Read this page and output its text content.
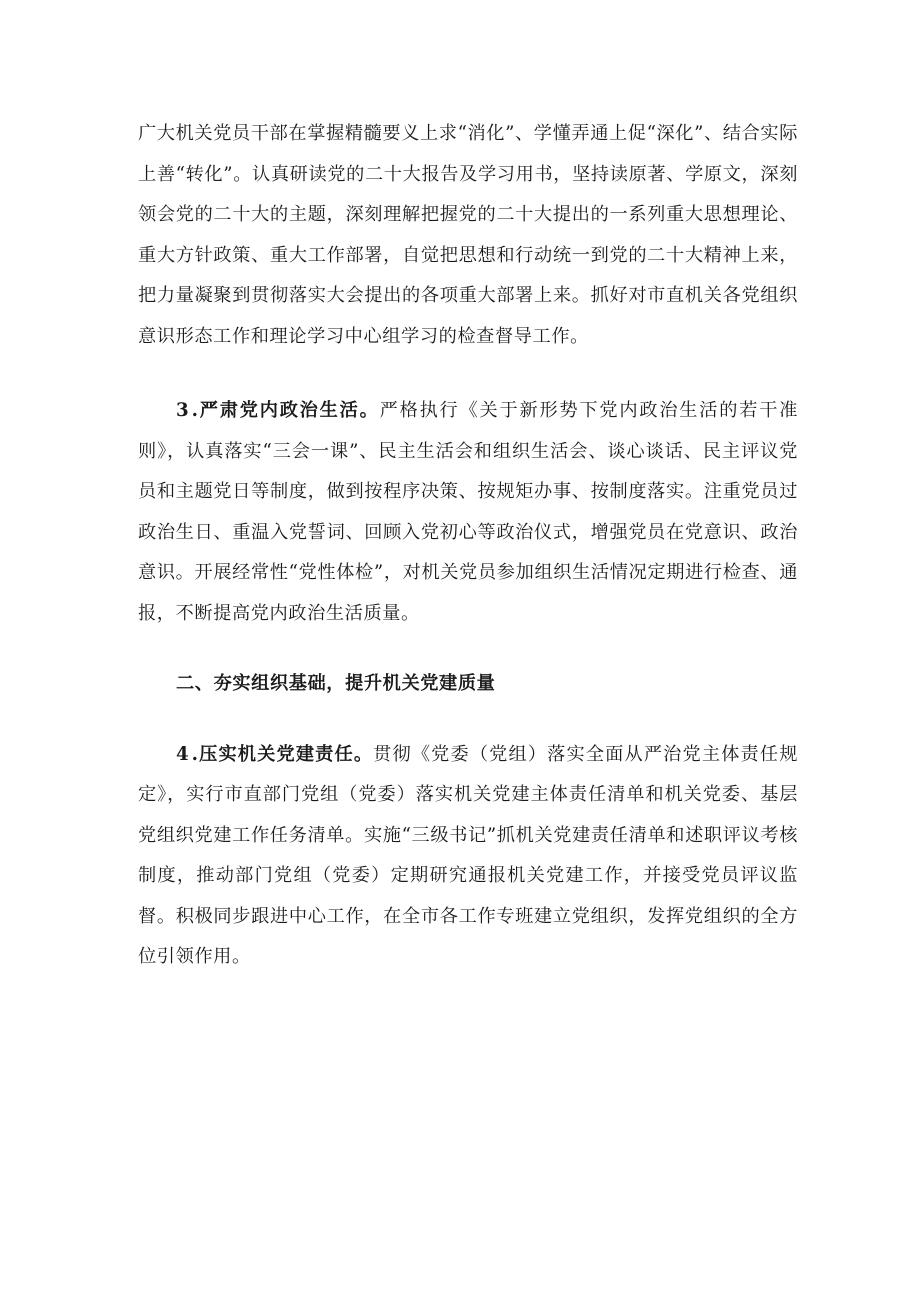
广大机关党员干部在掌握精髓要义上求“消化”、学懂弄通上促“深化”、结合实际上善“转化”。认真研读党的二十大报告及学习用书，坚持读原著、学原文，深刻领会党的二十大的主题，深刻理解把握党的二十大提出的一系列重大思想理论、重大方针政策、重大工作部署，自觉把思想和行动统一到党的二十大精神上来，把力量凝聚到贯彻落实大会提出的各项重大部署上来。抓好对市直机关各党组织意识形态工作和理论学习中心组学习的检查督导工作。

3.严肃党内政治生活。严格执行《关于新形势下党内政治生活的若干准则》，认真落实“三会一课”、民主生活会和组织生活会、谈心谈话、民主评议党员和主题党日等制度，做到按程序决策、按规矩办事、按制度落实。注重党员过政治生日、重温入党誓词、回顾入党初心等政治仪式，增强党员在党意识、政治意识。开展经常性“党性体检”，对机关党员参加组织生活情况定期进行检查、通报，不断提高党内政治生活质量。

二、夯实组织基础，提升机关党建质量

4.压实机关党建责任。贯彻《党委（党组）落实全面从严治党主体责任规定》，实行市直部门党组（党委）落实机关党建主体责任清单和机关党委、基层党组织党建工作任务清单。实施“三级书记”抓机关党建责任清单和述职评议考核制度，推动部门党组（党委）定期研究通报机关党建工作，并接受党员评议监督。积极同步跟进中心工作，在全市各工作专班建立党组织，发挥党组织的全方位引领作用。
